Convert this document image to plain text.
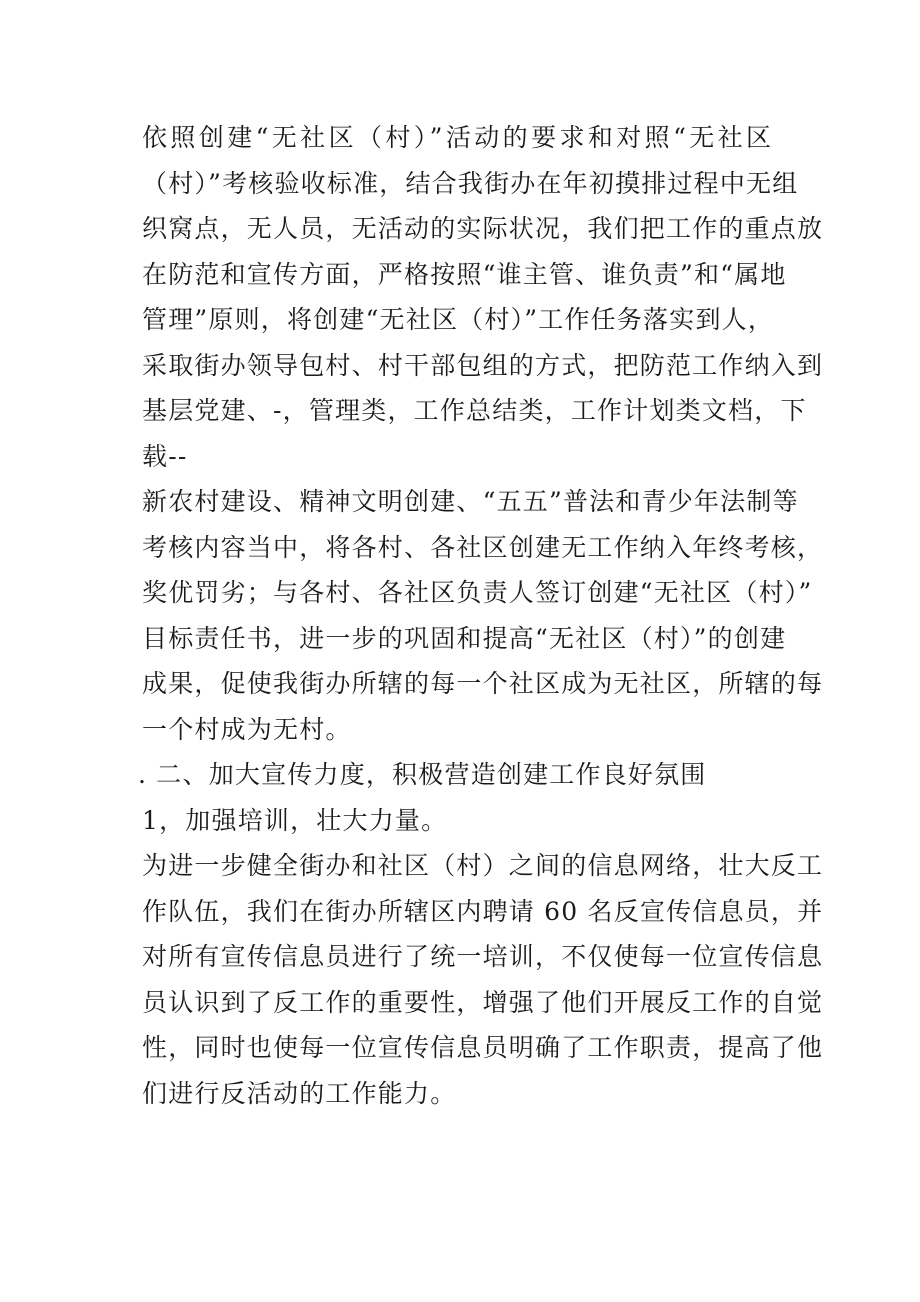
依照创建“无社区（村）”活动的要求和对照“无社区
（村）”考核验收标准，结合我街办在年初摸排过程中无组
织窝点，无人员，无活动的实际状况，我们把工作的重点放
在防范和宣传方面，严格按照“谁主管、谁负责”和“属地
管理”原则，将创建“无社区（村）”工作任务落实到人，
采取街办领导包村、村干部包组的方式，把防范工作纳入到
基层党建、-，管理类，工作总结类，工作计划类文档，下
载--
新农村建设、精神文明创建、“五五”普法和青少年法制等
考核内容当中，将各村、各社区创建无工作纳入年终考核，
奖优罚劣；与各村、各社区负责人签订创建“无社区（村）”
目标责任书，进一步的巩固和提高“无社区（村）”的创建
成果，促使我街办所辖的每一个社区成为无社区，所辖的每
一个村成为无村。
. 二、加大宣传力度，积极营造创建工作良好氛围
1，加强培训，壮大力量。
为进一步健全街办和社区（村）之间的信息网络，壮大反工
作队伍，我们在街办所辖区内聘请 60 名反宣传信息员，并
对所有宣传信息员进行了统一培训，不仅使每一位宣传信息
员认识到了反工作的重要性，增强了他们开展反工作的自觉
性，同时也使每一位宣传信息员明确了工作职责，提高了他
们进行反活动的工作能力。
